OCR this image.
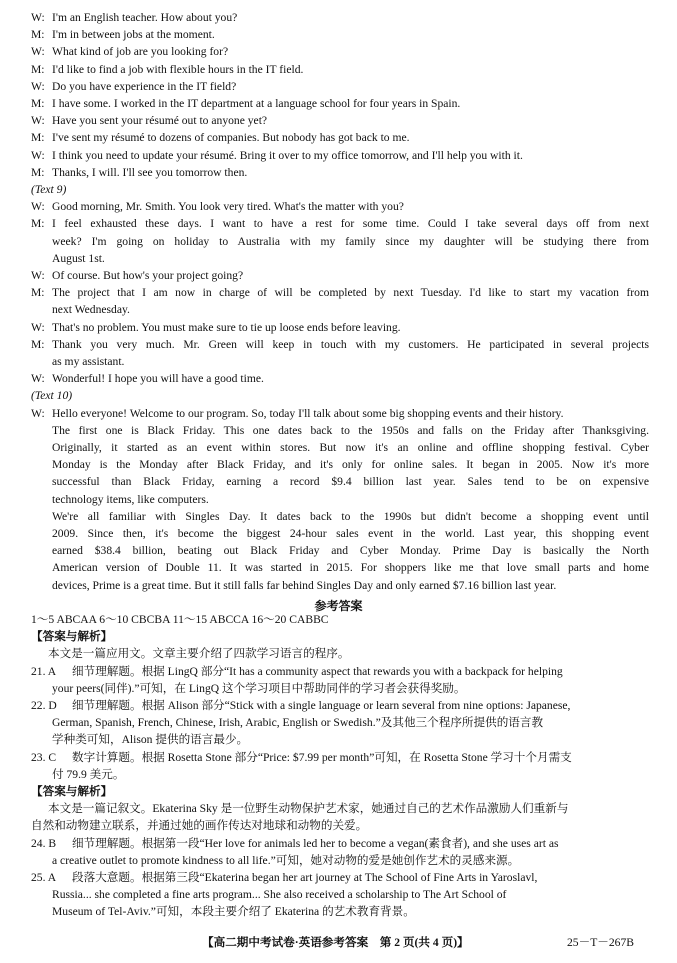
W: I'm an English teacher. How about you?
M: I'm in between jobs at the moment.
W: What kind of job are you looking for?
M: I'd like to find a job with flexible hours in the IT field.
W: Do you have experience in the IT field?
M: I have some. I worked in the IT department at a language school for four years in Spain.
W: Have you sent your résumé out to anyone yet?
M: I've sent my résumé to dozens of companies. But nobody has got back to me.
W: I think you need to update your résumé. Bring it over to my office tomorrow, and I'll help you with it.
M: Thanks, I will. I'll see you tomorrow then.
(Text 9)
W: Good morning, Mr. Smith. You look very tired. What's the matter with you?
M: I feel exhausted these days. I want to have a rest for some time. Could I take several days off from next
week? I'm going on holiday to Australia with my family since my daughter will be studying there from
August 1st.
W: Of course. But how's your project going?
M: The project that I am now in charge of will be completed by next Tuesday. I'd like to start my vacation from
next Wednesday.
W: That's no problem. You must make sure to tie up loose ends before leaving.
M: Thank you very much. Mr. Green will keep in touch with my customers. He participated in several projects
as my assistant.
W: Wonderful! I hope you will have a good time.
(Text 10)
W: Hello everyone! Welcome to our program. So, today I'll talk about some big shopping events and their history.
The first one is Black Friday. This one dates back to the 1950s and falls on the Friday after Thanksgiving.
Originally, it started as an event within stores. But now it's an online and offline shopping festival. Cyber
Monday is the Monday after Black Friday, and it's only for online sales. It began in 2005. Now it's more
successful than Black Friday, earning a record $9.4 billion last year. Sales tend to be on expensive
technology items, like computers.
We're all familiar with Singles Day. It dates back to the 1990s but didn't become a shopping event until
2009. Since then, it's become the biggest 24-hour sales event in the world. Last year, this shopping event
earned $38.4 billion, beating out Black Friday and Cyber Monday. Prime Day is basically the North
American version of Double 11. It was started in 2015. For shoppers like me that love small parts and home
devices, Prime is a great time. But it still falls far behind Singles Day and only earned $7.16 billion last year.
参考答案
1～5 ABCAA 6～10 CBCBA 11～15 ABCCA 16～20 CABBC
【答案与解析】
本文是一篇应用文。文章主要介绍了四款学习语言的程序。
21. A 细节理解题。根据 LingQ 部分“It has a community aspect that rewards you with a backpack for helping
your peers(同伴).”可知，在 LingQ 这个学习项目中帮助同伴的学习者会获得奖励。
22. D 细节理解题。根据 Alison 部分“Stick with a single language or learn several from nine options: Japanese,
German, Spanish, French, Chinese, Irish, Arabic, English or Swedish.”及其他三个程序所提供的语言教
学种类可知，Alison 提供的语言最少。
23. C 数字计算题。根据 Rosetta Stone 部分“Price: $7.99 per month”可知，在 Rosetta Stone 学习十个月需支
付 79.9 美元。
【答案与解析】
本文是一篇记叙文。Ekaterina Sky 是一位野生动物保护艺术家，她通过自己的艺术作品激励人们重新与
自然和动物建立联系，并通过她的画作传达对地球和动物的关爱。
24. B 细节理解题。根据第一段“Her love for animals led her to become a vegan(素食者), and she uses art as
a creative outlet to promote kindness to all life.”可知，她对动物的爱是她创作艺术的灵感来源。
25. A 段落大意题。根据第三段“Ekaterina began her art journey at The School of Fine Arts in Yaroslavl,
Russia... she completed a fine arts program... She also received a scholarship to The Art School of
Museum of Tel-Aviv.”可知，本段主要介绍了 Ekaterina 的艺术教育背景。
【高二期中考试卷·英语参考答案　第 2 页(共 4 页)】	25－T－267B
